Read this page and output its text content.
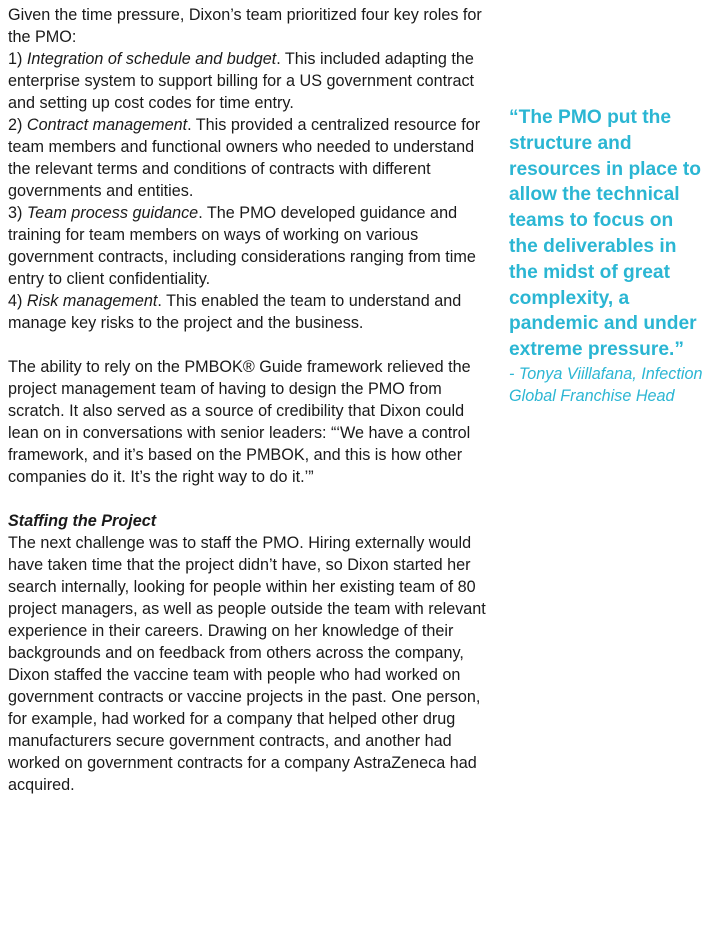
Given the time pressure, Dixon’s team prioritized four key roles for the PMO:

1) Integration of schedule and budget. This included adapting the enterprise system to support billing for a US government contract and setting up cost codes for time entry.

2) Contract management. This provided a centralized resource for team members and functional owners who needed to understand the relevant terms and conditions of contracts with different governments and entities.

3) Team process guidance. The PMO developed guidance and training for team members on ways of working on various government contracts, including considerations ranging from time entry to client confidentiality.

4) Risk management. This enabled the team to understand and manage key risks to the project and the business.

The ability to rely on the PMBOK® Guide framework relieved the project management team of having to design the PMO from scratch. It also served as a source of credibility that Dixon could lean on in conversations with senior leaders: “‘We have a control framework, and it’s based on the PMBOK, and this is how other companies do it. It’s the right way to do it.’”

Staffing the Project

The next challenge was to staff the PMO. Hiring externally would have taken time that the project didn’t have, so Dixon started her search internally, looking for people within her existing team of 80 project managers, as well as people outside the team with relevant experience in their careers. Drawing on her knowledge of their backgrounds and on feedback from others across the company, Dixon staffed the vaccine team with people who had worked on government contracts or vaccine projects in the past. One person, for example, had worked for a company that helped other drug manufacturers secure government contracts, and another had worked on government contracts for a company AstraZeneca had acquired.

“The PMO put the structure and resources in place to allow the technical teams to focus on the deliverables in the midst of great complexity, a pandemic and under extreme pressure.”
- Tonya Viillafana, Infection Global Franchise Head
